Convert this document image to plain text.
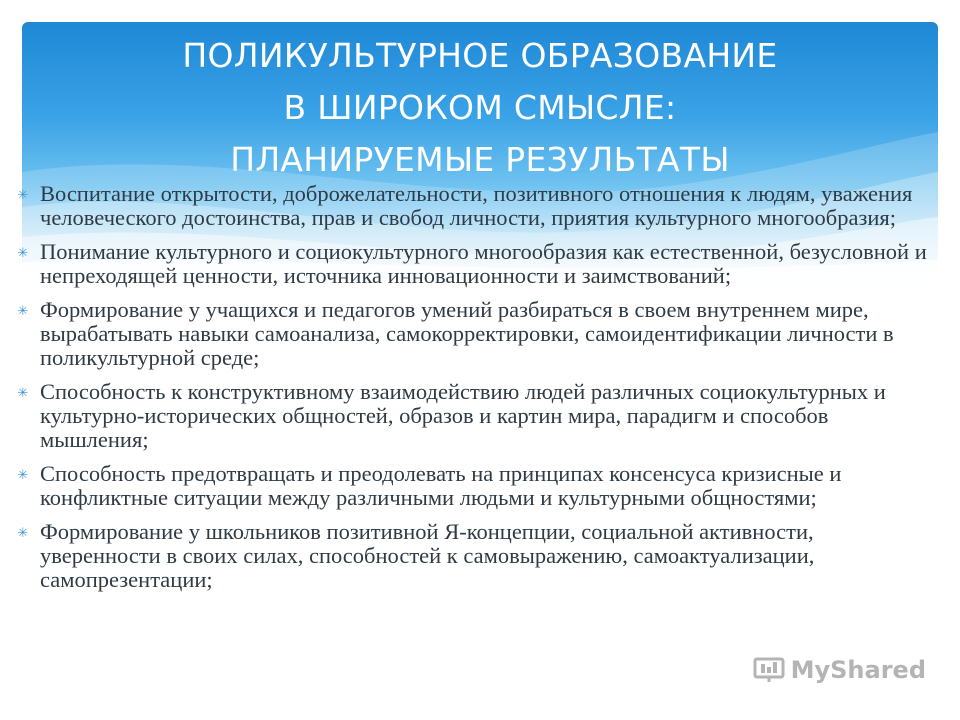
ПОЛИКУЛЬТУРНОЕ ОБРАЗОВАНИЕ
В ШИРОКОМ СМЫСЛЕ:
ПЛАНИРУЕМЫЕ РЕЗУЛЬТАТЫ
✳ Воспитание открытости, доброжелательности, позитивного отношения к людям, уважения человеческого достоинства, прав и свобод личности, приятия культурного многообразия;
✳ Понимание культурного и социокультурного многообразия как естественной, безусловной и непреходящей ценности, источника инновационности и заимствований;
✳ Формирование у учащихся и педагогов умений разбираться в своем внутреннем мире, вырабатывать навыки самоанализа, самокорректировки, самоидентификации личности в поликультурной среде;
✳ Способность к конструктивному взаимодействию людей различных социокультурных и культурно-исторических общностей, образов и картин мира, парадигм и способов мышления;
✳ Способность предотвращать и преодолевать на принципах консенсуса кризисные и конфликтные ситуации между различными людьми и культурными общностями;
✳ Формирование у школьников позитивной Я-концепции, социальной активности, уверенности в своих силах, способностей к самовыражению, самоактуализации, самопрезентации;
MyShared
